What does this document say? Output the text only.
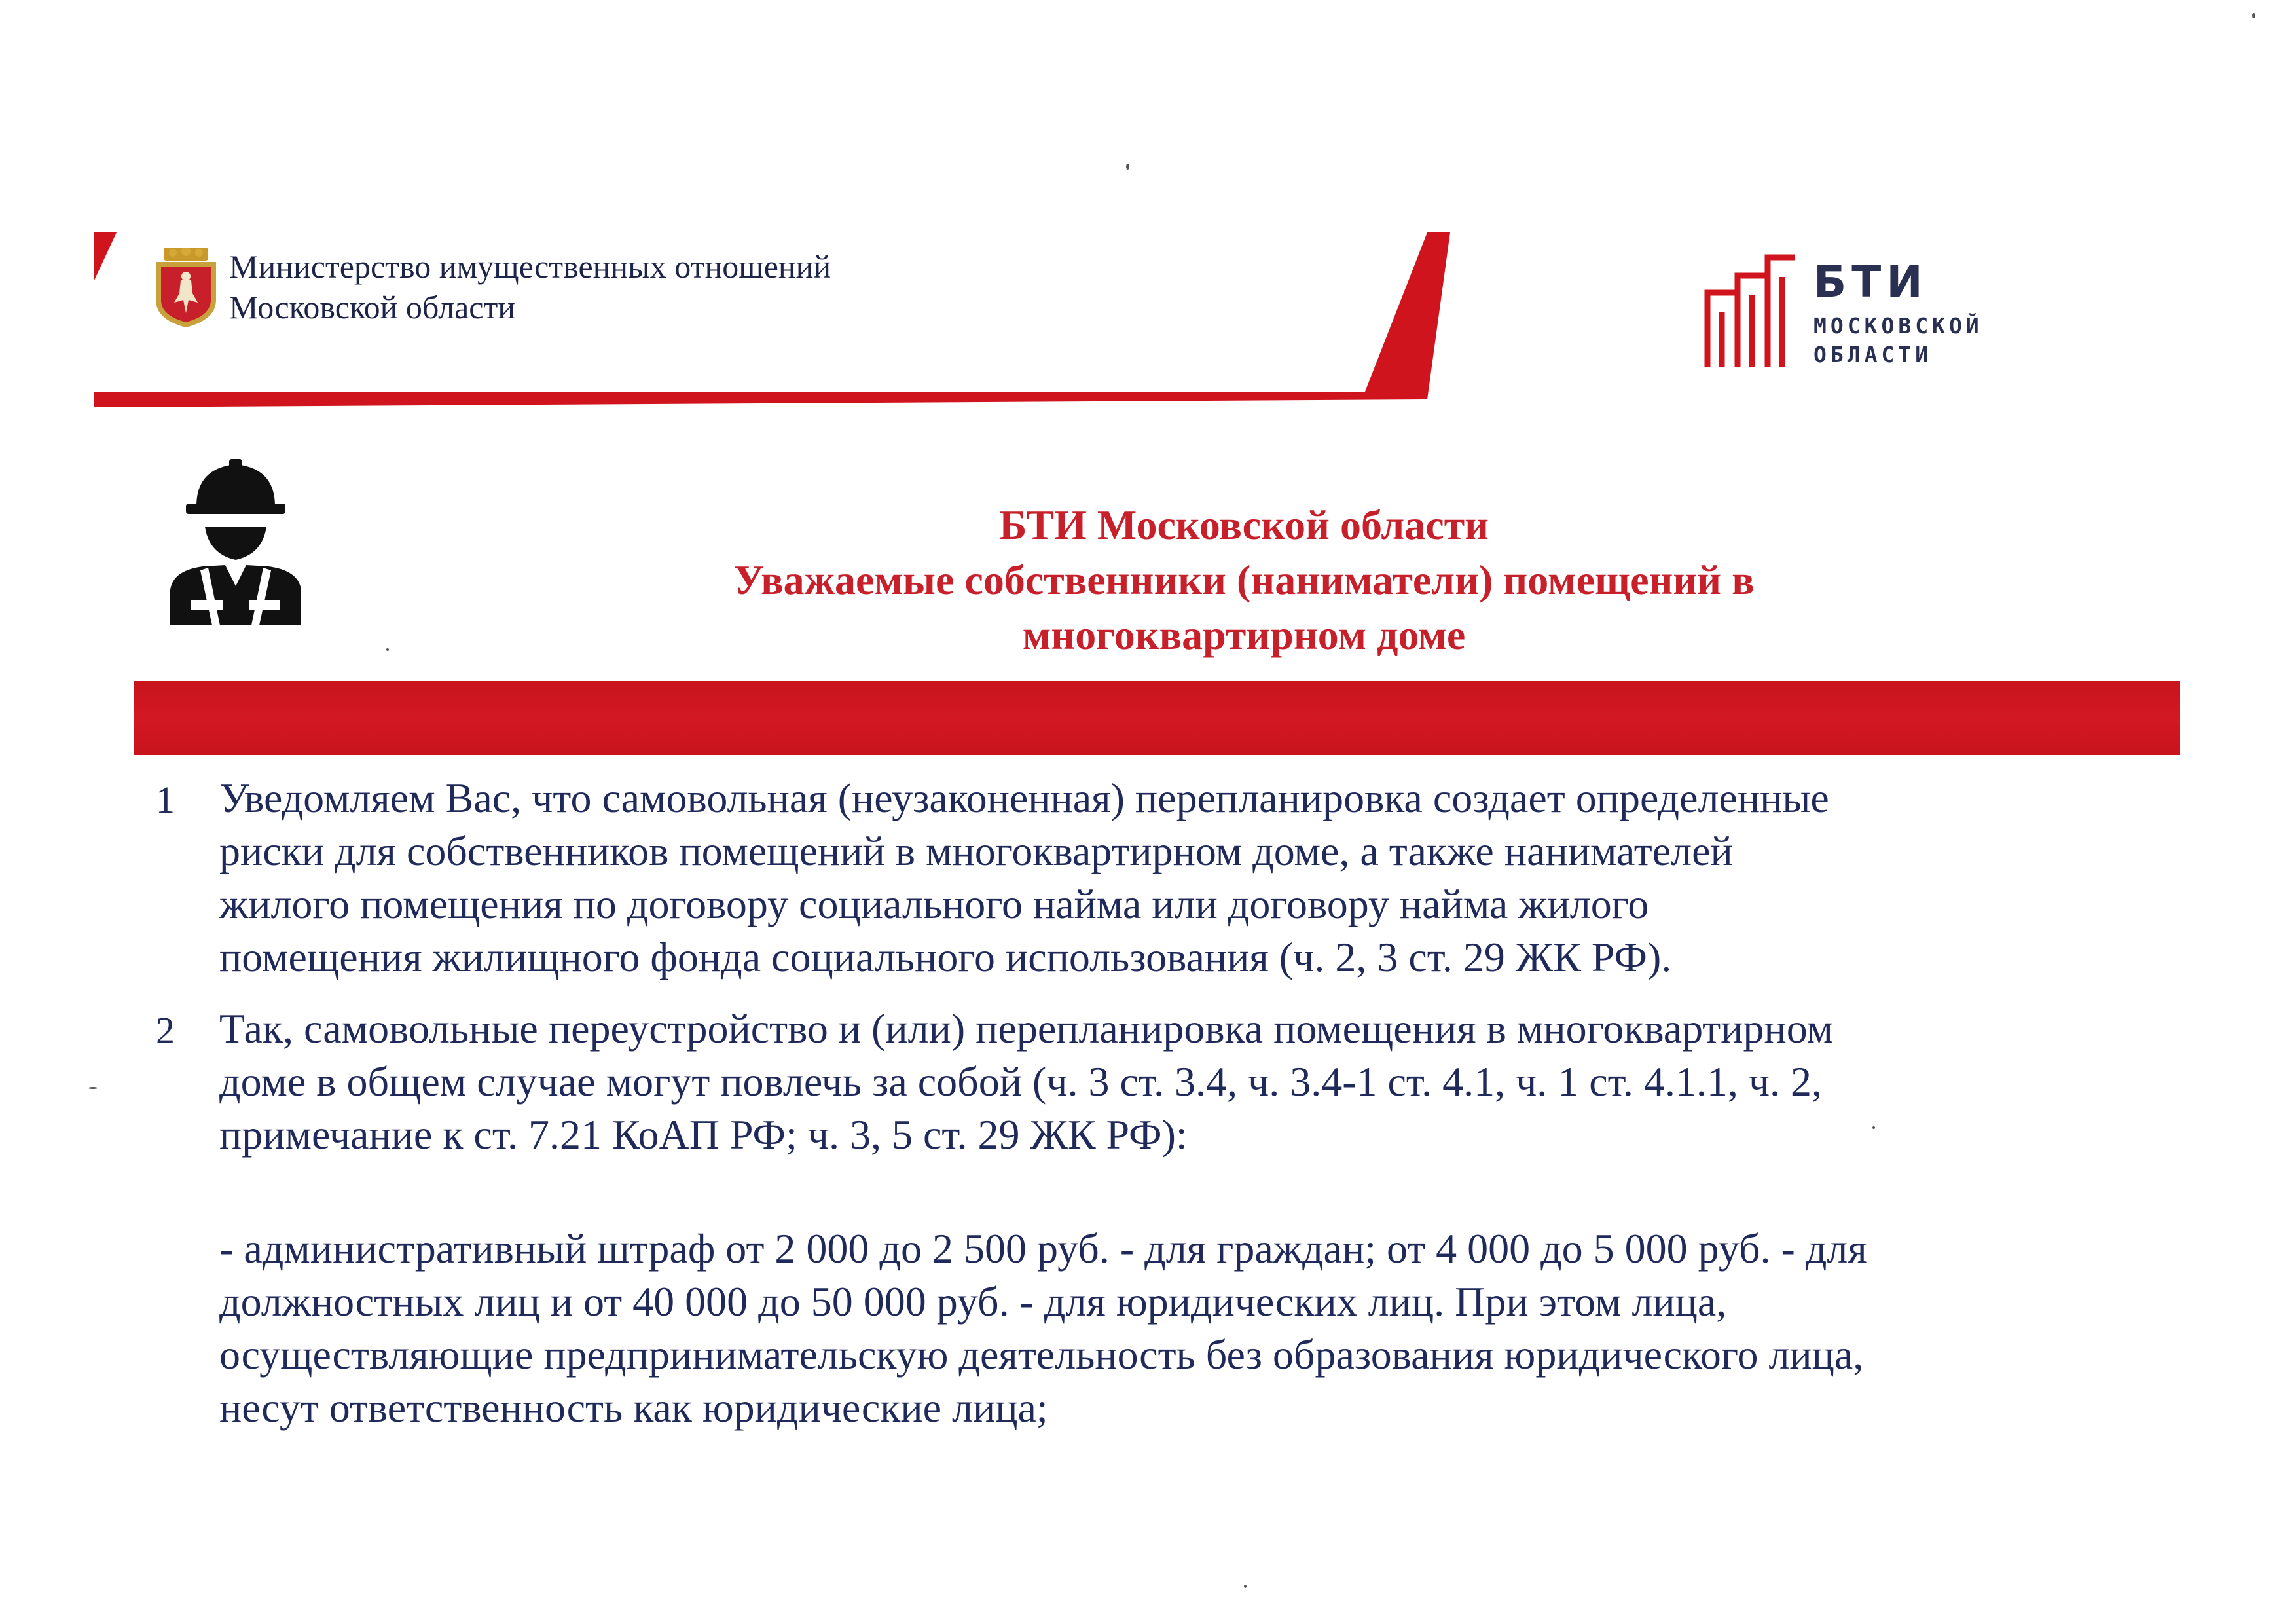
Министерство имущественных отношений
Московской области	БТИ
МОСКОВСКОЙ
ОБЛАСТИ
БТИ Московской области
Уважаемые собственники (наниматели) помещений в
многоквартирном доме
1	Уведомляем Вас, что самовольная (неузаконенная) перепланировка создает определенные
риски для собственников помещений в многоквартирном доме, а также нанимателей
жилого помещения по договору социального найма или договору найма жилого
помещения жилищного фонда социального использования (ч. 2, 3 ст. 29 ЖК РФ).
2	Так, самовольные переустройство и (или) перепланировка помещения в многоквартирном
доме в общем случае могут повлечь за собой (ч. 3 ст. 3.4, ч. 3.4-1 ст. 4.1, ч. 1 ст. 4.1.1, ч. 2,
примечание к ст. 7.21 КоАП РФ; ч. 3, 5 ст. 29 ЖК РФ):
- административный штраф от 2 000 до 2 500 руб. - для граждан; от 4 000 до 5 000 руб. - для
должностных лиц и от 40 000 до 50 000 руб. - для юридических лиц. При этом лица,
осуществляющие предпринимательскую деятельность без образования юридического лица,
несут ответственность как юридические лица;
